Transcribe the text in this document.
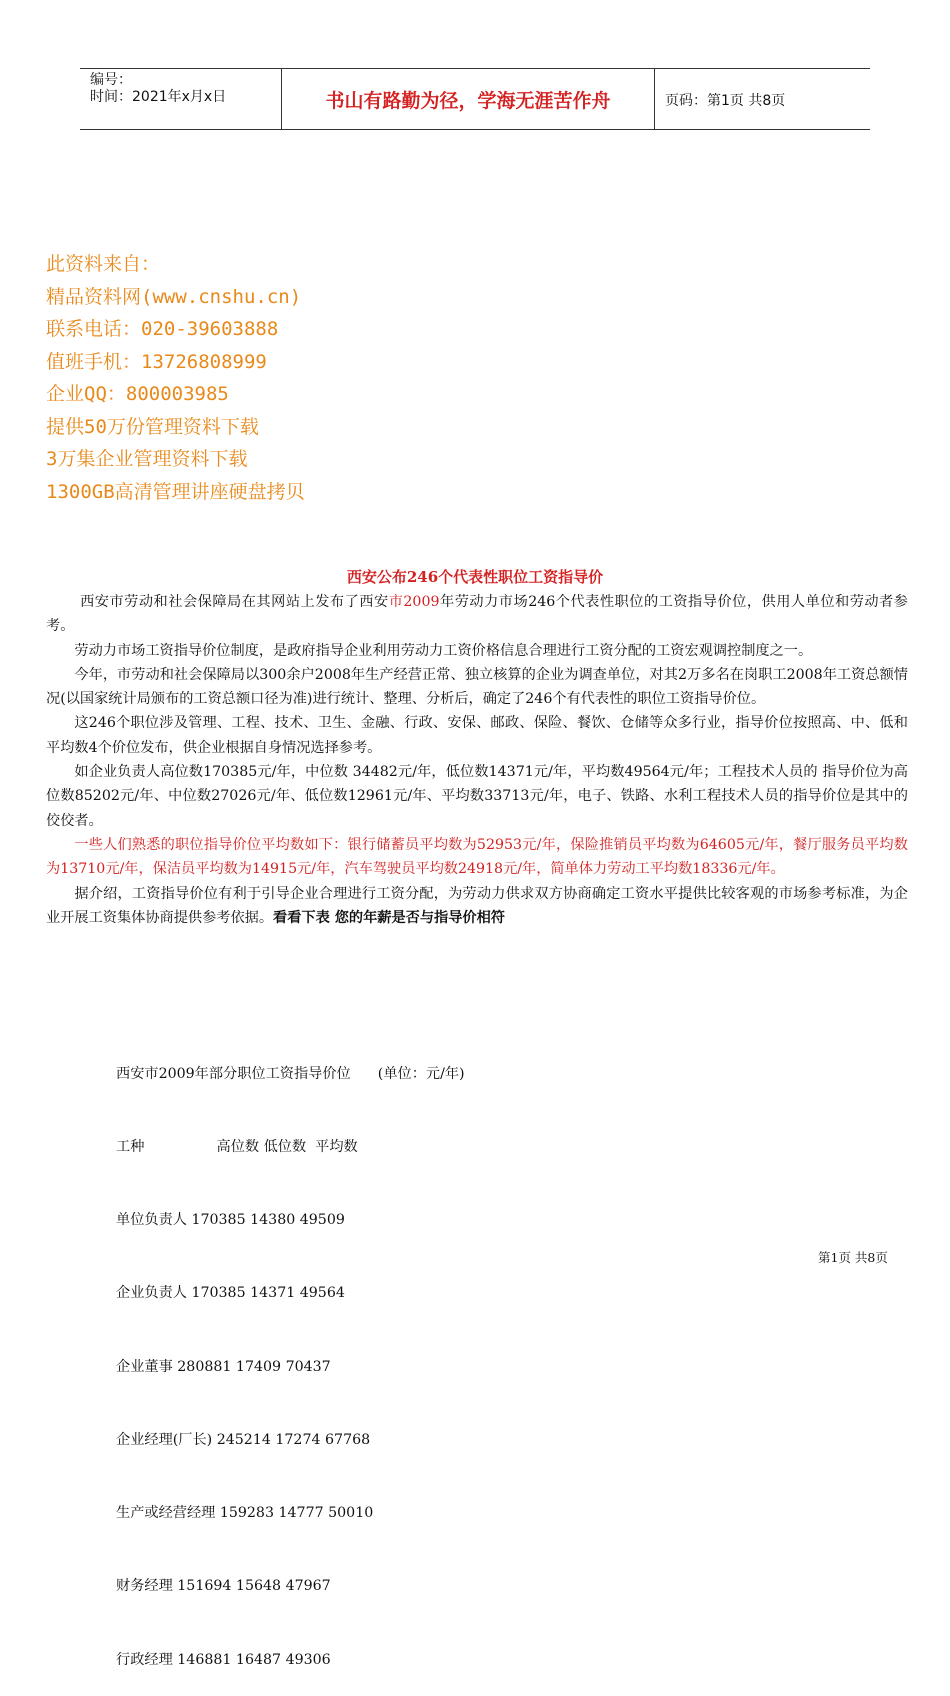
编号：
时间：2021年x月x日	书山有路勤为径，学海无涯苦作舟	页码：第1页 共8页
此资料来自：
精品资料网(www.cnshu.cn)
联系电话：020-39603888
值班手机：13726808999
企业QQ：800003985
提供50万份管理资料下载
3万集企业管理资料下载
1300GB高清管理讲座硬盘拷贝
西安公布246个代表性职位工资指导价

西安市劳动和社会保障局在其网站上发布了西安市2009年劳动力市场246个代表性职位的工资指导价位，供用人单位和劳动者参考。

劳动力市场工资指导价位制度，是政府指导企业利用劳动力工资价格信息合理进行工资分配的工资宏观调控制度之一。

今年，市劳动和社会保障局以300余户2008年生产经营正常、独立核算的企业为调查单位，对其2万多名在岗职工2008年工资总额情况(以国家统计局颁布的工资总额口径为准)进行统计、整理、分析后，确定了246个有代表性的职位工资指导价位。

这246个职位涉及管理、工程、技术、卫生、金融、行政、安保、邮政、保险、餐饮、仓储等众多行业，指导价位按照高、中、低和平均数4个价位发布，供企业根据自身情况选择参考。

如企业负责人高位数170385元/年，中位数 34482元/年，低位数14371元/年，平均数49564元/年；工程技术人员的 指导价位为高位数85202元/年、中位数27026元/年、低位数12961元/年、平均数33713元/年，电子、铁路、水利工程技术人员的指导价位是其中的佼佼者。

一些人们熟悉的职位指导价位平均数如下：银行储蓄员平均数为52953元/年，保险推销员平均数为64605元/年，餐厅服务员平均数为13710元/年，保洁员平均数为14915元/年，汽车驾驶员平均数24918元/年，简单体力劳动工平均数18336元/年。

据介绍，工资指导价位有利于引导企业合理进行工资分配，为劳动力供求双方协商确定工资水平提供比较客观的市场参考标准，为企业开展工资集体协商提供参考依据。看看下表 您的年薪是否与指导价相符

西安市2009年部分职位工资指导价位      (单位：元/年)

工种                高位数 低位数  平均数

单位负责人 170385 14380 49509

企业负责人 170385 14371 49564

企业董事 280881 17409 70437

企业经理(厂长) 245214 17274 67768

生产或经营经理 159283 14777 50010

财务经理 151694 15648 47967

行政经理 146881 16487 49306

第1页 共8页
